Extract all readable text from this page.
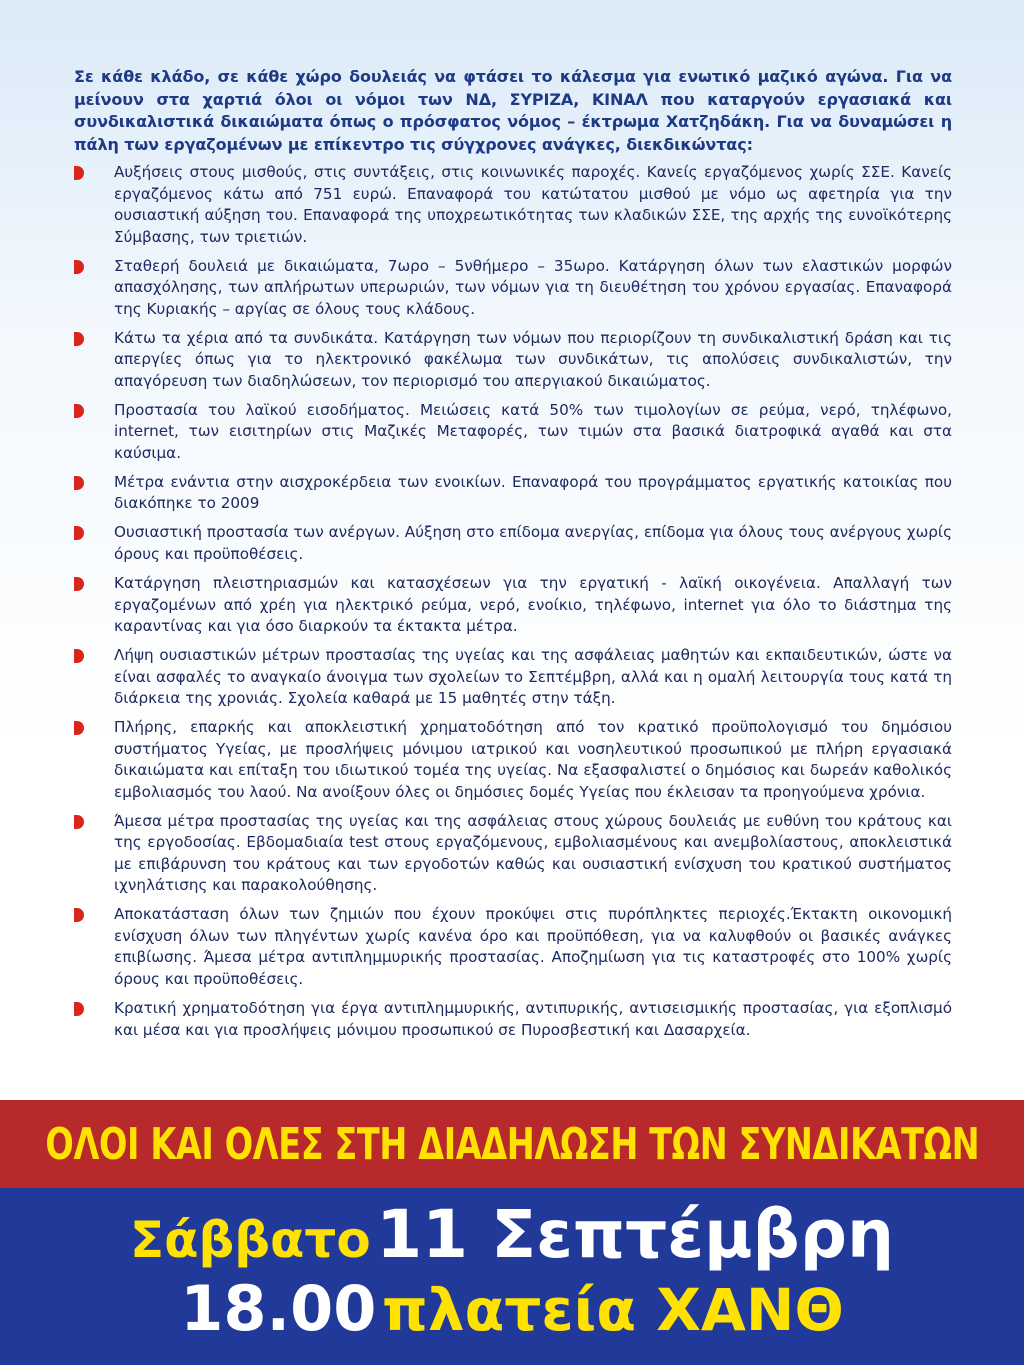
Σε κάθε κλάδο, σε κάθε χώρο δουλειάς να φτάσει το κάλεσμα για ενωτικό μαζικό αγώνα. Για να μείνουν στα χαρτιά όλοι οι νόμοι των ΝΔ, ΣΥΡΙΖΑ, ΚΙΝΑΛ που καταργούν εργασιακά και συνδικαλιστικά δικαιώματα όπως ο πρόσφατος νόμος – έκτρωμα Χατζηδάκη. Για να δυναμώσει η πάλη των εργαζομένων με επίκεντρο τις σύγχρονες ανάγκες, διεκδικώντας:

Αυξήσεις στους μισθούς, στις συντάξεις, στις κοινωνικές παροχές. Κανείς εργαζόμενος χωρίς ΣΣΕ. Κανείς εργαζόμενος κάτω από 751 ευρώ. Επαναφορά του κατώτατου μισθού με νόμο ως αφετηρία για την ουσιαστική αύξηση του. Επαναφορά της υποχρεωτικότητας των κλαδικών ΣΣΕ, της αρχής της ευνοϊκότερης Σύμβασης, των τριετιών.
Σταθερή δουλειά με δικαιώματα, 7ωρο – 5νθήμερο – 35ωρο. Κατάργηση όλων των ελαστικών μορφών απασχόλησης, των απλήρωτων υπερωριών, των νόμων για τη διευθέτηση του χρόνου εργασίας. Επαναφορά της Κυριακής – αργίας σε όλους τους κλάδους.
Κάτω τα χέρια από τα συνδικάτα. Κατάργηση των νόμων που περιορίζουν τη συνδικαλιστική δράση και τις απεργίες όπως για το ηλεκτρονικό φακέλωμα των συνδικάτων, τις απολύσεις συνδικαλιστών, την απαγόρευση των διαδηλώσεων, τον περιορισμό του απεργιακού δικαιώματος.
Προστασία του λαϊκού εισοδήματος. Μειώσεις κατά 50% των τιμολογίων σε ρεύμα, νερό, τηλέφωνο, internet, των εισιτηρίων στις Μαζικές Μεταφορές, των τιμών στα βασικά διατροφικά αγαθά και στα καύσιμα.
Μέτρα ενάντια στην αισχροκέρδεια των ενοικίων. Επαναφορά του προγράμματος εργατικής κατοικίας που διακόπηκε το 2009
Ουσιαστική προστασία των ανέργων. Αύξηση στο επίδομα ανεργίας, επίδομα για όλους τους ανέργους χωρίς όρους και προϋποθέσεις.
Κατάργηση πλειστηριασμών και κατασχέσεων για την εργατική - λαϊκή οικογένεια. Απαλλαγή των εργαζομένων από χρέη για ηλεκτρικό ρεύμα, νερό, ενοίκιο, τηλέφωνο, internet για όλο το διάστημα της καραντίνας και για όσο διαρκούν τα έκτακτα μέτρα.
Λήψη ουσιαστικών μέτρων προστασίας της υγείας και της ασφάλειας μαθητών και εκπαιδευτικών, ώστε να είναι ασφαλές το αναγκαίο άνοιγμα των σχολείων το Σεπτέμβρη, αλλά και η ομαλή λειτουργία τους κατά τη διάρκεια της χρονιάς. Σχολεία καθαρά με 15 μαθητές στην τάξη.
Πλήρης, επαρκής και αποκλειστική χρηματοδότηση από τον κρατικό προϋπολογισμό του δημόσιου συστήματος Υγείας, με προσλήψεις μόνιμου ιατρικού και νοσηλευτικού προσωπικού με πλήρη εργασιακά δικαιώματα και επίταξη του ιδιωτικού τομέα της υγείας. Να εξασφαλιστεί ο δημόσιος και δωρεάν καθολικός εμβολιασμός του λαού. Να ανοίξουν όλες οι δημόσιες δομές Υγείας που έκλεισαν τα προηγούμενα χρόνια.
Άμεσα μέτρα προστασίας της υγείας και της ασφάλειας στους χώρους δουλειάς με ευθύνη του κράτους και της εργοδοσίας. Εβδομαδιαία test στους εργαζόμενους, εμβολιασμένους και ανεμβολίαστους, αποκλειστικά με επιβάρυνση του κράτους και των εργοδοτών καθώς και ουσιαστική ενίσχυση του κρατικού συστήματος ιχνηλάτισης και παρακολούθησης.
Αποκατάσταση όλων των ζημιών που έχουν προκύψει στις πυρόπληκτες περιοχές.Έκτακτη οικονομική ενίσχυση όλων των πληγέντων χωρίς κανένα όρο και προϋπόθεση, για να καλυφθούν οι βασικές ανάγκες επιβίωσης. Άμεσα μέτρα αντιπλημμυρικής προστασίας. Αποζημίωση για τις καταστροφές στο 100% χωρίς όρους και προϋποθέσεις.
Κρατική χρηματοδότηση για έργα αντιπλημμυρικής, αντιπυρικής, αντισεισμικής προστασίας, για εξοπλισμό και μέσα και για προσλήψεις μόνιμου προσωπικού σε Πυροσβεστική και Δασαρχεία.
ΟΛΟΙ ΚΑΙ ΟΛΕΣ ΣΤΗ ΔΙΑΔΗΛΩΣΗ ΤΩΝ ΣΥΝΔΙΚΑΤΩΝ
Σάββατο 11 Σεπτέμβρη
18.00 πλατεία ΧΑΝΘ
